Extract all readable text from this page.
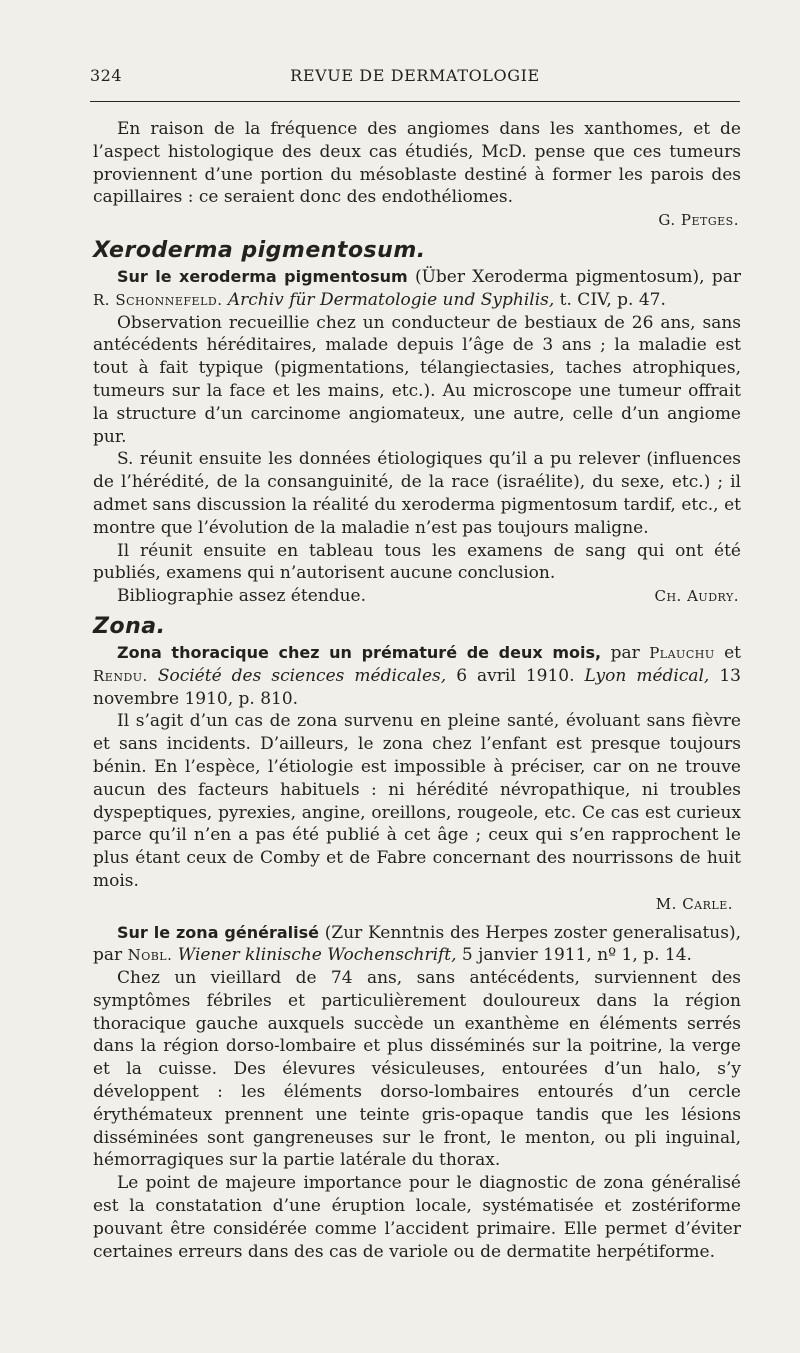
324	REVUE DE DERMATOLOGIE

En raison de la fréquence des angiomes dans les xanthomes, et de l’aspect histologique des deux cas étudiés, McD. pense que ces tumeurs proviennent d’une portion du mésoblaste destiné à former les parois des capillaires : ce seraient donc des endothéliomes.

G. Petges.

Xeroderma pigmentosum.

Sur le xeroderma pigmentosum (Über Xeroderma pigmentosum), par R. Schonnefeld. Archiv für Dermatologie und Syphilis, t. CIV, p. 47.

Observation recueillie chez un conducteur de bestiaux de 26 ans, sans antécédents héréditaires, malade depuis l’âge de 3 ans ; la maladie est tout à fait typique (pigmentations, télangiectasies, taches atrophiques, tumeurs sur la face et les mains, etc.). Au microscope une tumeur offrait la structure d’un carcinome angiomateux, une autre, celle d’un angiome pur.

S. réunit ensuite les données étiologiques qu’il a pu relever (influences de l’hérédité, de la consanguinité, de la race (israélite), du sexe, etc.) ; il admet sans discussion la réalité du xeroderma pigmentosum tardif, etc., et montre que l’évolution de la maladie n’est pas toujours maligne.

Il réunit ensuite en tableau tous les examens de sang qui ont été publiés, examens qui n’autorisent aucune conclusion.

Bibliographie assez étendue.	Ch. Audry.

Zona.

Zona thoracique chez un prématuré de deux mois, par Plauchu et Rendu. Société des sciences médicales, 6 avril 1910. Lyon médical, 13 novembre 1910, p. 810.

Il s’agit d’un cas de zona survenu en pleine santé, évoluant sans fièvre et sans incidents. D’ailleurs, le zona chez l’enfant est presque toujours bénin. En l’espèce, l’étiologie est impossible à préciser, car on ne trouve aucun des facteurs habituels : ni hérédité névropathique, ni troubles dyspeptiques, pyrexies, angine, oreillons, rougeole, etc. Ce cas est curieux parce qu’il n’en a pas été publié à cet âge ; ceux qui s’en rapprochent le plus étant ceux de Comby et de Fabre concernant des nourrissons de huit mois.

M. Carle.

Sur le zona généralisé (Zur Kenntnis des Herpes zoster generalisatus), par Nobl. Wiener klinische Wochenschrift, 5 janvier 1911, nº 1, p. 14.

Chez un vieillard de 74 ans, sans antécédents, surviennent des symptômes fébriles et particulièrement douloureux dans la région thoracique gauche auxquels succède un exanthème en éléments serrés dans la région dorso-lombaire et plus disséminés sur la poitrine, la verge et la cuisse. Des élevures vésiculeuses, entourées d’un halo, s’y développent : les éléments dorso-lombaires entourés d’un cercle érythémateux prennent une teinte gris-opaque tandis que les lésions disséminées sont gangreneuses sur le front, le menton, ou pli inguinal, hémorragiques sur la partie latérale du thorax.

Le point de majeure importance pour le diagnostic de zona généralisé est la constatation d’une éruption locale, systématisée et zostériforme pouvant être considérée comme l’accident primaire. Elle permet d’éviter certaines erreurs dans des cas de variole ou de dermatite herpétiforme.
